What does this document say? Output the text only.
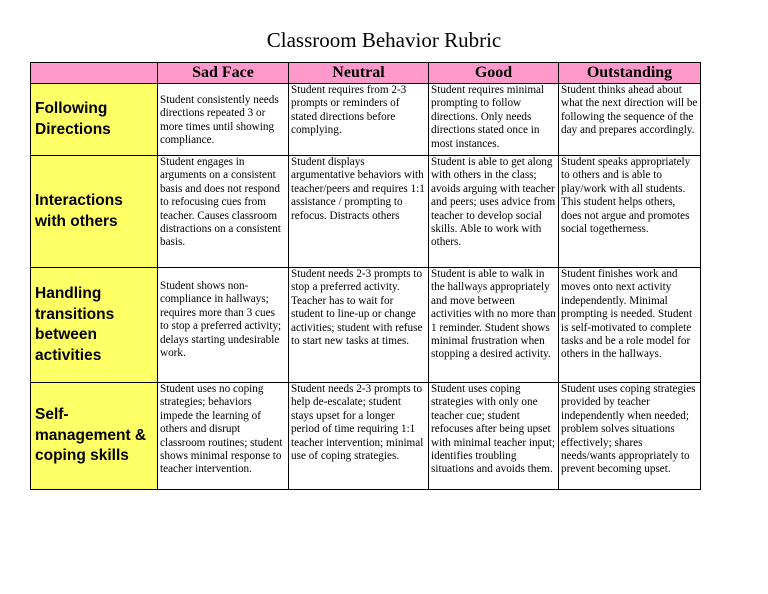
Classroom Behavior Rubric
	Sad Face	Neutral	Good	Outstanding

Following
Directions	Student consistently needs directions repeated 3 or more times until showing compliance.	Student requires from 2-3 prompts or reminders of stated directions before complying.	Student requires minimal prompting to follow directions. Only needs directions stated once in most instances.	Student thinks ahead about what the next direction will be following the sequence of the day and prepares accordingly.

Interactions
with others	Student engages in arguments on a consistent basis and does not respond to refocusing cues from teacher. Causes classroom distractions on a consistent basis.	Student displays argumentative behaviors with teacher/peers and requires 1:1 assistance / prompting to refocus. Distracts others	Student is able to get along with others in the class; avoids arguing with teacher and peers; uses advice from teacher to develop social skills. Able to work with others.	Student speaks appropriately to others and is able to play/work with all students. This student helps others, does not argue and promotes social togetherness.

Handling
transitions
between
activities	Student shows non-compliance in hallways; requires more than 3 cues to stop a preferred activity; delays starting undesirable work.	Student needs 2-3 prompts to stop a preferred activity. Teacher has to wait for student to line-up or change activities; student with refuse to start new tasks at times.	Student is able to walk in the hallways appropriately and move between activities with no more than 1 reminder. Student shows minimal frustration when stopping a desired activity.	Student finishes work and moves onto next activity independently. Minimal prompting is needed. Student is self-motivated to complete tasks and be a role model for others in the hallways.

Self-
management &
coping skills	Student uses no coping strategies; behaviors impede the learning of others and disrupt classroom routines; student shows minimal response to teacher intervention.	Student needs 2-3 prompts to help de-escalate; student stays upset for a longer period of time requiring 1:1 teacher intervention; minimal use of coping strategies.	Student uses coping strategies with only one teacher cue; student refocuses after being upset with minimal teacher input; identifies troubling situations and avoids them.	Student uses coping strategies provided by teacher independently when needed; problem solves situations effectively; shares needs/wants appropriately to prevent becoming upset.
